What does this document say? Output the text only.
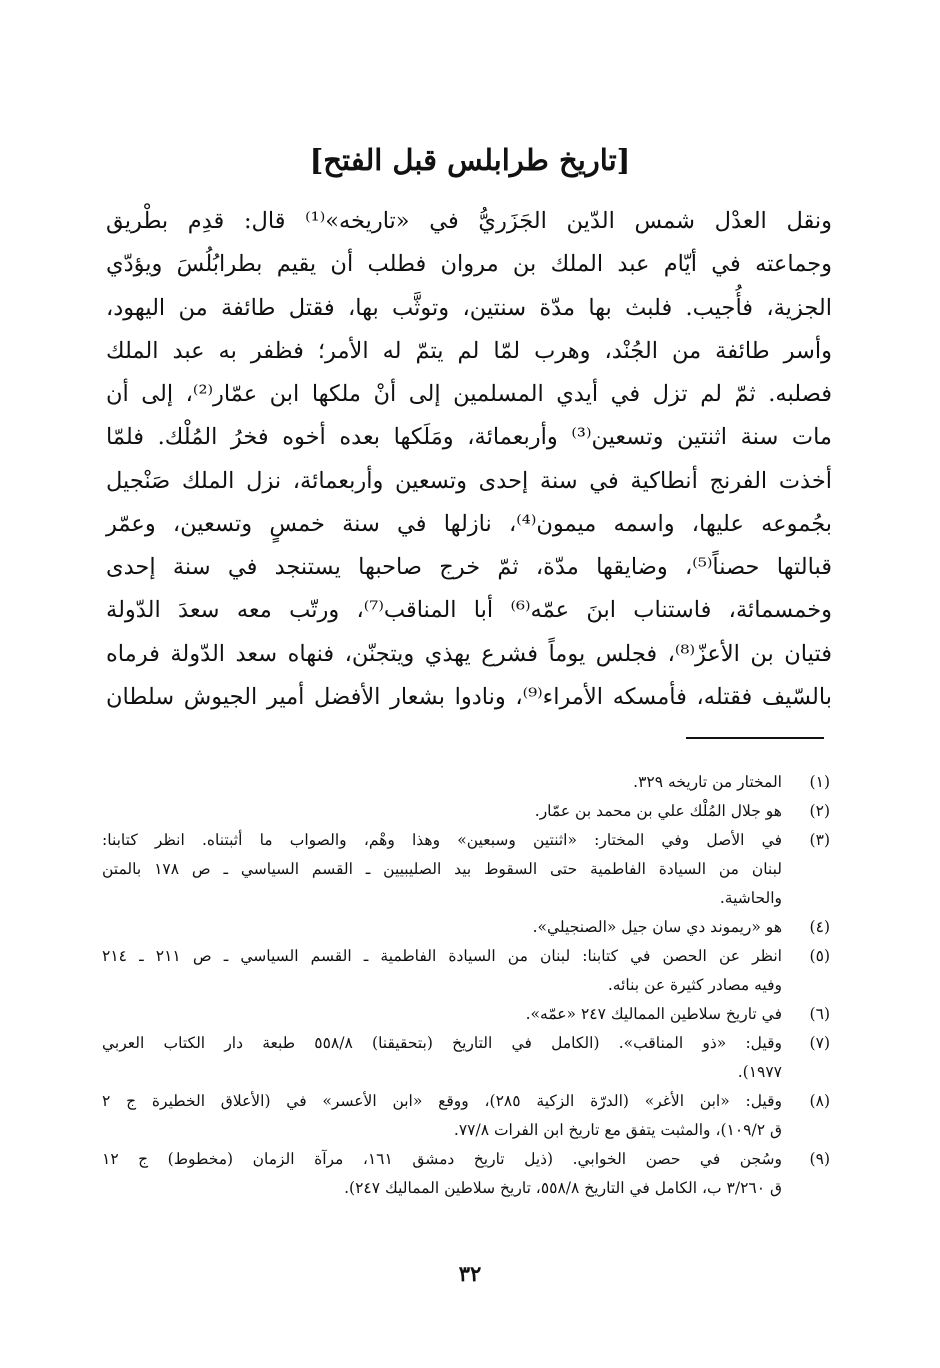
[تاريخ طرابلس قبل الفتح]
ونقل العدْل شمس الدّين الجَزَريُّ في «تاريخه»⁽¹⁾ قال: قدِم بطْريق
وجماعته في أيّام عبد الملك بن مروان فطلب أن يقيم بطرابُلُسَ ويؤدّي
الجزية، فأُجيب. فلبث بها مدّة سنتين، وتوثَّب بها، فقتل طائفة من اليهود،
وأسر طائفة من الجُنْد، وهرب لمّا لم يتمّ له الأمر؛ فظفر به عبد الملك
فصلبه. ثمّ لم تزل في أيدي المسلمين إلى أنْ ملكها ابن عمّار⁽²⁾، إلى أن
مات سنة اثنتين وتسعين⁽³⁾ وأربعمائة، ومَلَكها بعده أخوه فخرُ المُلْك. فلمّا
أخذت الفرنج أنطاكية في سنة إحدى وتسعين وأربعمائة، نزل الملك صَنْجيل
بجُموعه عليها، واسمه ميمون⁽⁴⁾، نازلها في سنة خمسٍ وتسعين، وعمّر
قبالتها حصناً⁽⁵⁾، وضايقها مدّة، ثمّ خرج صاحبها يستنجد في سنة إحدى
وخمسمائة، فاستناب ابنَ عمّه⁽⁶⁾ أبا المناقب⁽⁷⁾، ورتّب معه سعدَ الدّولة
فتيان بن الأعزّ⁽⁸⁾، فجلس يوماً فشرع يهذي ويتجنّن، فنهاه سعد الدّولة فرماه
بالسّيف فقتله، فأمسكه الأمراء⁽⁹⁾، ونادوا بشعار الأفضل أمير الجيوش سلطان
(١)
المختار من تاريخه ٣٢٩.
(٢)
هو جلال المُلْك علي بن محمد بن عمّار.
(٣)
في الأصل وفي المختار: «اثنتين وسبعين» وهذا وهْم، والصواب ما أثبتناه. انظر كتابنا:
لبنان من السيادة الفاطمية حتى السقوط بيد الصليبيين ـ القسم السياسي ـ ص ١٧٨ بالمتن
والحاشية.
(٤)
هو «ريموند دي سان جيل «الصنجيلي».
(٥)
انظر عن الحصن في كتابنا: لبنان من السيادة الفاطمية ـ القسم السياسي ـ ص ٢١١ ـ ٢١٤
وفيه مصادر كثيرة عن بنائه.
(٦)
في تاريخ سلاطين المماليك ٢٤٧ «عمّه».
(٧)
وقيل: «ذو المناقب». (الكامل في التاريخ (بتحقيقنا) ٥٥٨/٨ طبعة دار الكتاب العربي
١٩٧٧).
(٨)
وقيل: «ابن الأغر» (الدرّة الزكية ٢٨٥)، ووقع «ابن الأعسر» في (الأعلاق الخطيرة ج ٢
ق ١٠٩/٢)، والمثبت يتفق مع تاريخ ابن الفرات ٧٧/٨.
(٩)
وسُجن في حصن الخوابي. (ذيل تاريخ دمشق ١٦١، مرآة الزمان (مخطوط) ج ١٢
ق ٣/٢٦٠ ب، الكامل في التاريخ ٥٥٨/٨، تاريخ سلاطين المماليك ٢٤٧).
٣٢
